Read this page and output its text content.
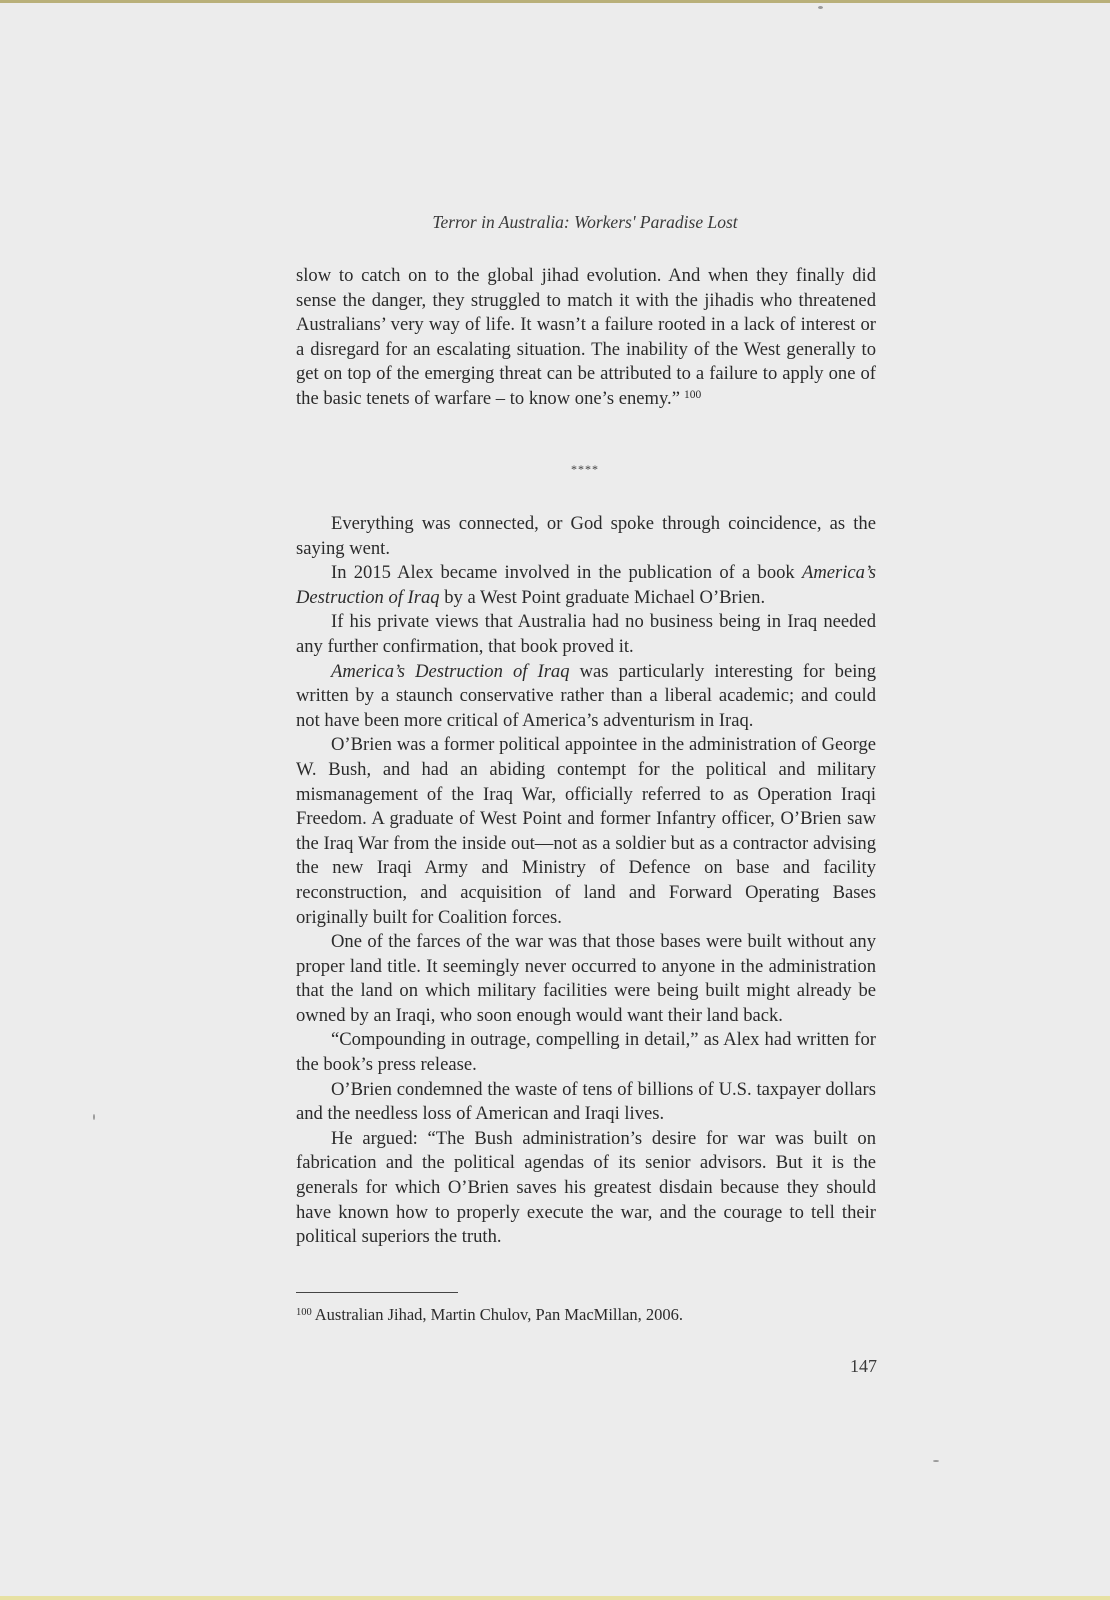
Terror in Australia: Workers' Paradise Lost

slow to catch on to the global jihad evolution. And when they finally did sense the danger, they struggled to match it with the jihadis who threatened Australians’ very way of life. It wasn’t a failure rooted in a lack of interest or a disregard for an escalating situation. The inability of the West generally to get on top of the emerging threat can be attributed to a failure to apply one of the basic tenets of warfare – to know one’s enemy.” $^{100}$

****

Everything was connected, or God spoke through coincidence, as the saying went.

In 2015 Alex became involved in the publication of a book America’s Destruction of Iraq by a West Point graduate Michael O’Brien.

If his private views that Australia had no business being in Iraq needed any further confirmation, that book proved it.

America’s Destruction of Iraq was particularly interesting for being written by a staunch conservative rather than a liberal academic; and could not have been more critical of America’s adventurism in Iraq.

O’Brien was a former political appointee in the administration of George W. Bush, and had an abiding contempt for the political and military mismanagement of the Iraq War, officially referred to as Operation Iraqi Freedom. A graduate of West Point and former Infantry officer, O’Brien saw the Iraq War from the inside out—not as a soldier but as a contractor advising the new Iraqi Army and Ministry of Defence on base and facility reconstruction, and acquisition of land and Forward Operating Bases originally built for Coalition forces.

One of the farces of the war was that those bases were built without any proper land title. It seemingly never occurred to anyone in the administration that the land on which military facilities were being built might already be owned by an Iraqi, who soon enough would want their land back.

“Compounding in outrage, compelling in detail,” as Alex had written for the book’s press release.

O’Brien condemned the waste of tens of billions of U.S. taxpayer dollars and the needless loss of American and Iraqi lives.

He argued: “The Bush administration’s desire for war was built on fabrication and the political agendas of its senior advisors. But it is the generals for which O’Brien saves his greatest disdain because they should have known how to properly execute the war, and the courage to tell their political superiors the truth.

$^{100}$ Australian Jihad, Martin Chulov, Pan MacMillan, 2006.
147
